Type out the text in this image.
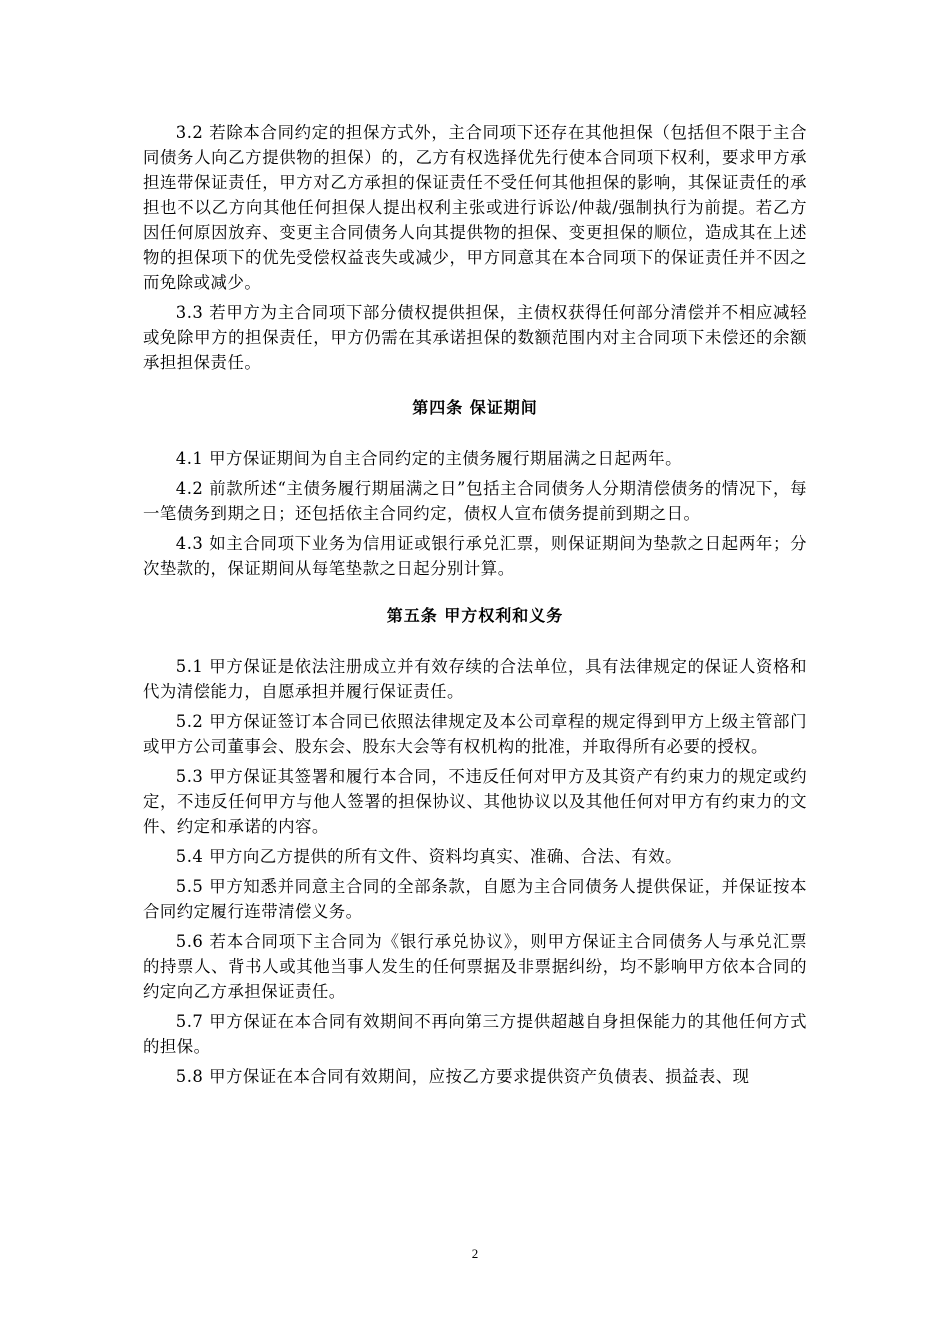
3.2 若除本合同约定的担保方式外，主合同项下还存在其他担保（包括但不限于主合同债务人向乙方提供物的担保）的，乙方有权选择优先行使本合同项下权利，要求甲方承担连带保证责任，甲方对乙方承担的保证责任不受任何其他担保的影响，其保证责任的承担也不以乙方向其他任何担保人提出权利主张或进行诉讼/仲裁/强制执行为前提。若乙方因任何原因放弃、变更主合同债务人向其提供物的担保、变更担保的顺位，造成其在上述物的担保项下的优先受偿权益丧失或减少，甲方同意其在本合同项下的保证责任并不因之而免除或减少。

3.3 若甲方为主合同项下部分债权提供担保，主债权获得任何部分清偿并不相应减轻或免除甲方的担保责任，甲方仍需在其承诺担保的数额范围内对主合同项下未偿还的余额承担担保责任。

第四条 保证期间

4.1 甲方保证期间为自主合同约定的主债务履行期届满之日起两年。

4.2 前款所述“主债务履行期届满之日”包括主合同债务人分期清偿债务的情况下，每一笔债务到期之日；还包括依主合同约定，债权人宣布债务提前到期之日。

4.3 如主合同项下业务为信用证或银行承兑汇票，则保证期间为垫款之日起两年；分次垫款的，保证期间从每笔垫款之日起分别计算。

第五条 甲方权利和义务

5.1 甲方保证是依法注册成立并有效存续的合法单位，具有法律规定的保证人资格和代为清偿能力，自愿承担并履行保证责任。

5.2 甲方保证签订本合同已依照法律规定及本公司章程的规定得到甲方上级主管部门或甲方公司董事会、股东会、股东大会等有权机构的批准，并取得所有必要的授权。

5.3 甲方保证其签署和履行本合同，不违反任何对甲方及其资产有约束力的规定或约定，不违反任何甲方与他人签署的担保协议、其他协议以及其他任何对甲方有约束力的文件、约定和承诺的内容。

5.4 甲方向乙方提供的所有文件、资料均真实、准确、合法、有效。

5.5 甲方知悉并同意主合同的全部条款，自愿为主合同债务人提供保证，并保证按本合同约定履行连带清偿义务。

5.6 若本合同项下主合同为《银行承兑协议》，则甲方保证主合同债务人与承兑汇票的持票人、背书人或其他当事人发生的任何票据及非票据纠纷，均不影响甲方依本合同的约定向乙方承担保证责任。

5.7 甲方保证在本合同有效期间不再向第三方提供超越自身担保能力的其他任何方式的担保。

5.8 甲方保证在本合同有效期间，应按乙方要求提供资产负债表、损益表、现

2
